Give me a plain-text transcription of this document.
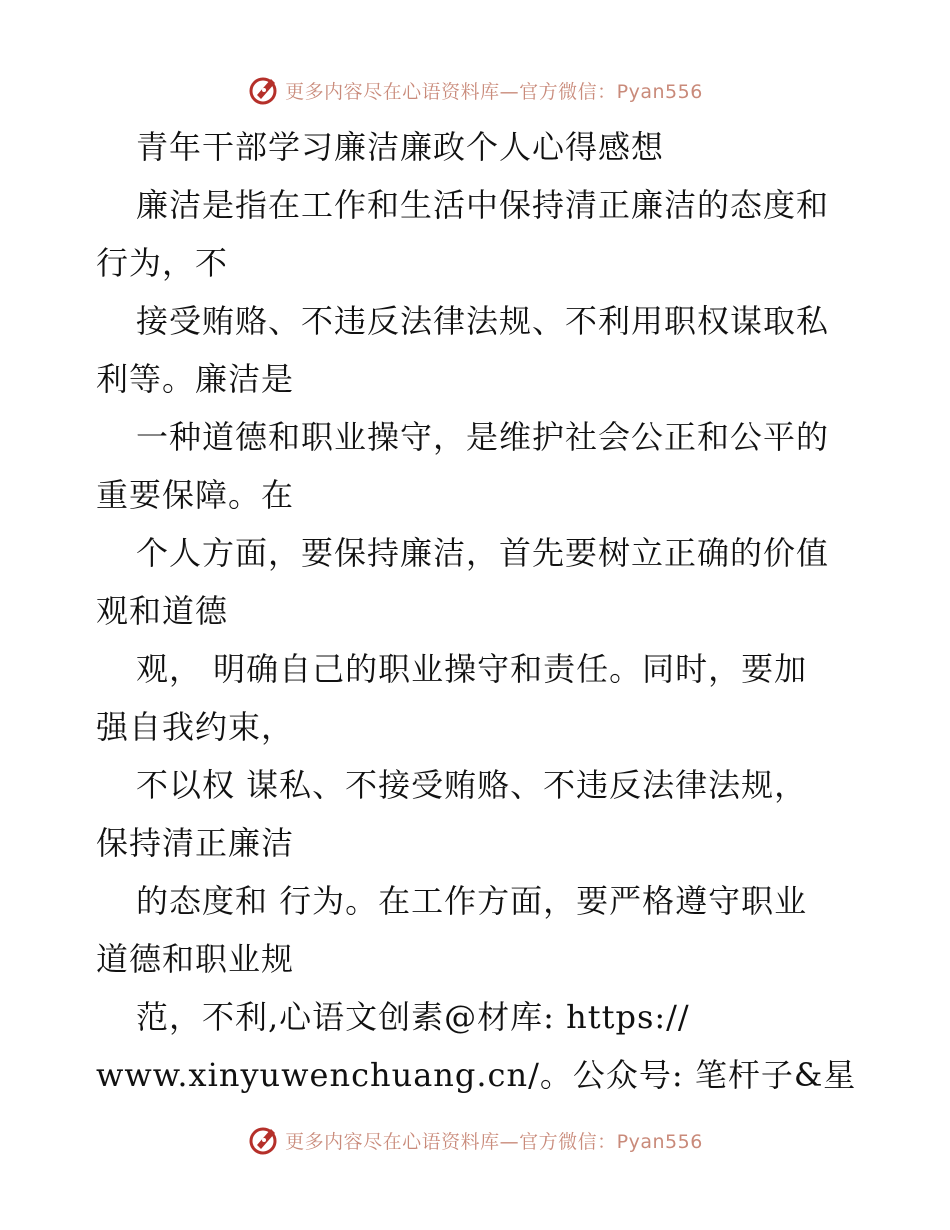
更多内容尽在心语资料库—官方微信：Pyan556
青年干部学习廉洁廉政个人心得感想
廉洁是指在工作和生活中保持清正廉洁的态度和
行为，不
接受贿赂、不违反法律法规、不利用职权谋取私
利等。廉洁是
一种道德和职业操守，是维护社会公正和公平的
重要保障。在
个人方面，要保持廉洁，首先要树立正确的价值
观和道德
观， 明确自己的职业操守和责任。同时，要加
强自我约束，
不以权 谋私、不接受贿赂、不违反法律法规，
保持清正廉洁
的态度和 行为。在工作方面，要严格遵守职业
道德和职业规
范，不利,心语文创素@材库: https://
www.xinyuwenchuang.cn/。公众号: 笔杆子&星
更多内容尽在心语资料库—官方微信：Pyan556
